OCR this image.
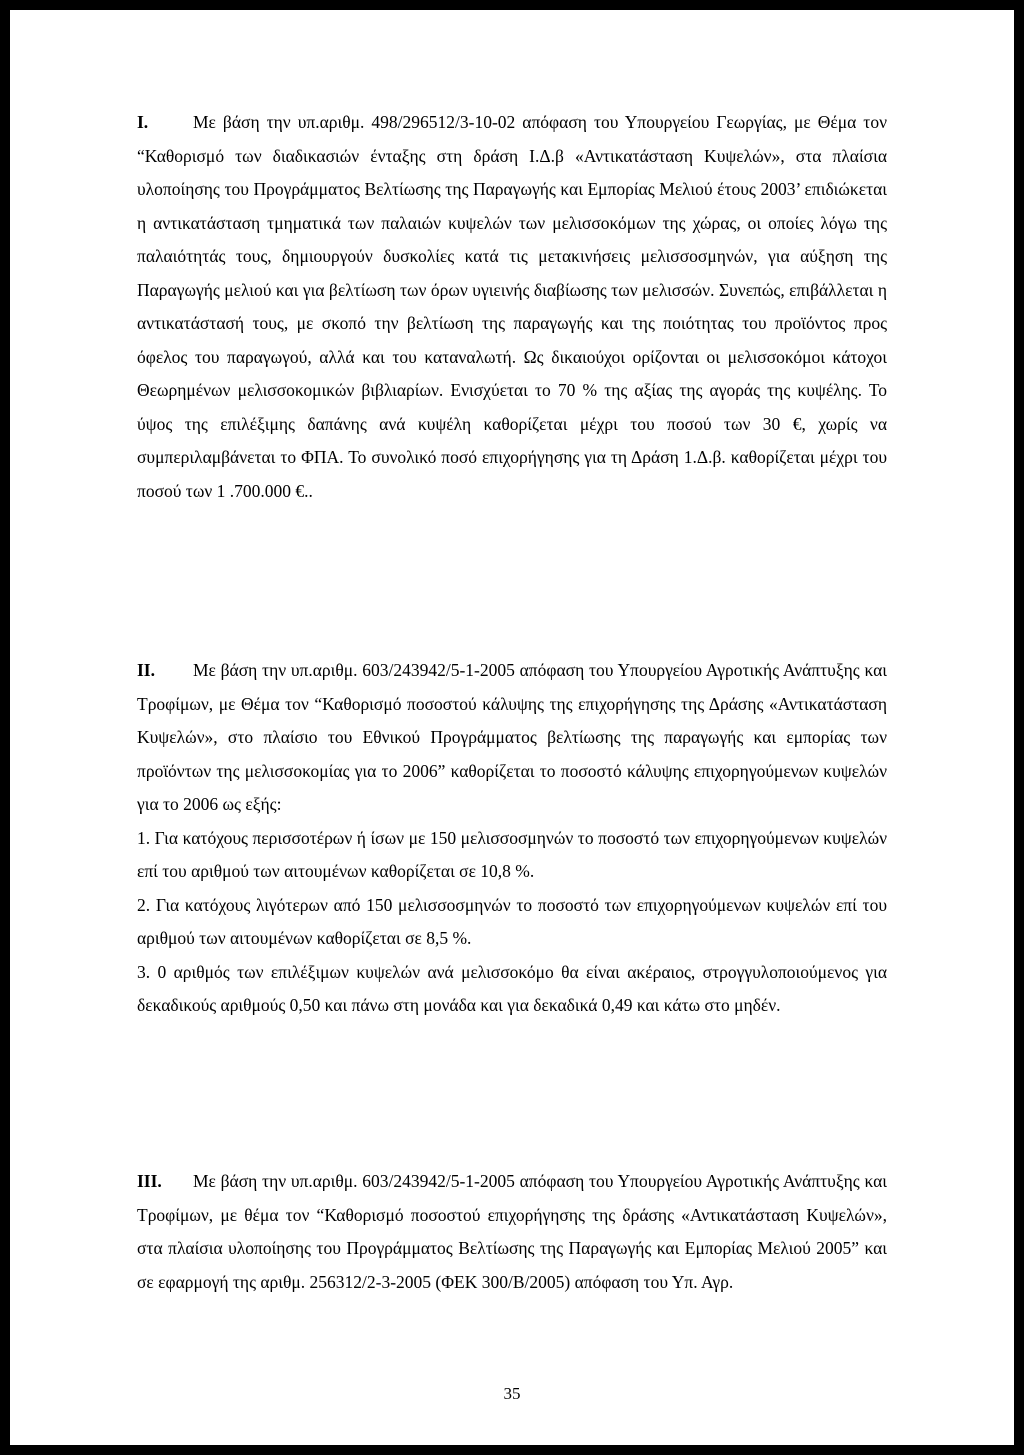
I.	Με βάση την υπ.αριθμ. 498/296512/3-10-02 απόφαση του Υπουργείου Γεωργίας, με Θέμα τον “Καθορισμό των διαδικασιών ένταξης στη δράση Ι.Δ.β «Αντικατάσταση Κυψελών», στα πλαίσια υλοποίησης του Προγράμματος Βελτίωσης της Παραγωγής και Εμπορίας Μελιού έτους 2003’ επιδιώκεται η αντικατάσταση τμηματικά των παλαιών κυψελών των μελισσοκόμων της χώρας, οι οποίες λόγω της παλαιότητάς τους, δημιουργούν δυσκολίες κατά τις μετακινήσεις μελισσοσμηνών, για αύξηση της Παραγωγής μελιού και για βελτίωση των όρων υγιεινής διαβίωσης των μελισσών. Συνεπώς, επιβάλλεται η αντικατάστασή τους, με σκοπό την βελτίωση της παραγωγής και της ποιότητας του προϊόντος προς όφελος του παραγωγού, αλλά και του καταναλωτή. Ως δικαιούχοι ορίζονται οι μελισσοκόμοι κάτοχοι Θεωρημένων μελισσοκομικών βιβλιαρίων. Ενισχύεται το 70 % της αξίας της αγοράς της κυψέλης. Το ύψος της επιλέξιμης δαπάνης ανά κυψέλη καθορίζεται μέχρι του ποσού των 30 €, χωρίς να συμπεριλαμβάνεται το ΦΠΑ. Το συνολικό ποσό επιχορήγησης για τη Δράση 1.Δ.β. καθορίζεται μέχρι του ποσού των 1 .700.000 €..

II. Με βάση την υπ.αριθμ. 603/243942/5-1-2005 απόφαση του Υπουργείου Αγροτικής Ανάπτυξης και Τροφίμων, με Θέμα τον “Καθορισμό ποσοστού κάλυψης της επιχορήγησης της Δράσης «Αντικατάσταση Κυψελών», στο πλαίσιο του Εθνικού Προγράμματος βελτίωσης της παραγωγής και εμπορίας των προϊόντων της μελισσοκομίας για το 2006” καθορίζεται το ποσοστό κάλυψης επιχορηγούμενων κυψελών για το 2006 ως εξής:

1. Για κατόχους περισσοτέρων ή ίσων με 150 μελισσοσμηνών το ποσοστό των επιχορηγούμενων κυψελών επί του αριθμού των αιτουμένων καθορίζεται σε 10,8 %.

2. Για κατόχους λιγότερων από 150 μελισσοσμηνών το ποσοστό των επιχορηγούμενων κυψελών επί του αριθμού των αιτουμένων καθορίζεται σε 8,5 %.

3. 0 αριθμός των επιλέξιμων κυψελών ανά μελισσοκόμο θα είναι ακέραιος, στρογγυλοποιούμενος για δεκαδικούς αριθμούς 0,50 και πάνω στη μονάδα και για δεκαδικά 0,49 και κάτω στο μηδέν.

III. Με βάση την υπ.αριθμ. 603/243942/5-1-2005 απόφαση του Υπουργείου Αγροτικής Ανάπτυξης και Τροφίμων, με θέμα τον “Καθορισμό ποσοστού επιχορήγησης της δράσης «Αντικατάσταση Κυψελών», στα πλαίσια υλοποίησης του Προγράμματος Βελτίωσης της Παραγωγής και Εμπορίας Μελιού 2005” και σε εφαρμογή της αριθμ. 256312/2-3-2005 (ΦΕΚ 300/Β/2005) απόφαση του Υπ. Αγρ.

35
